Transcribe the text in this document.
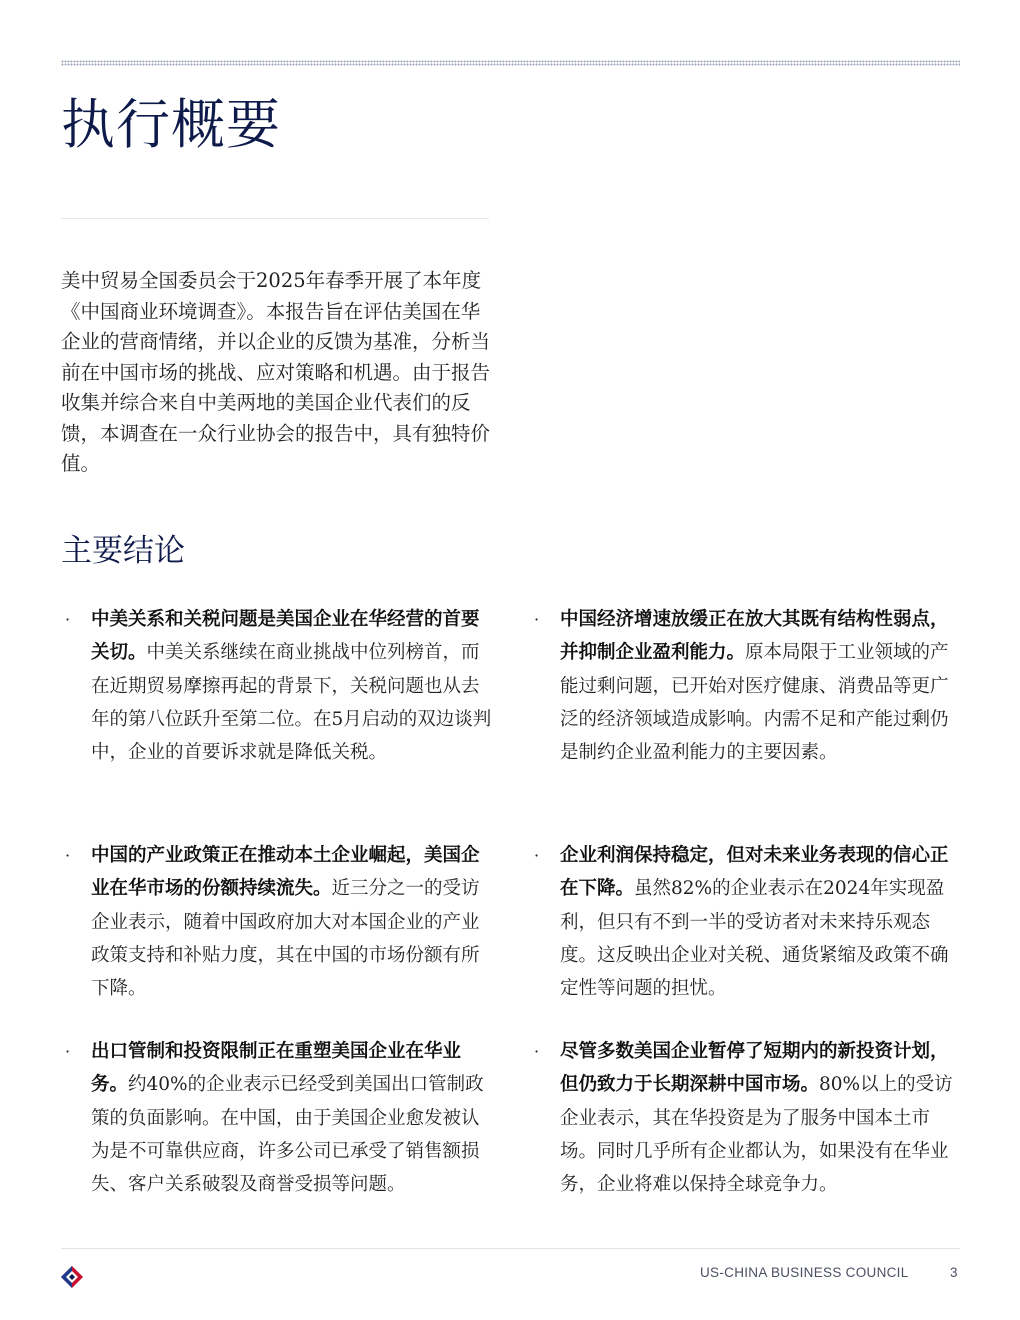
执行概要

美中贸易全国委员会于2025年春季开展了本年度《中国商业环境调查》。本报告旨在评估美国在华企业的营商情绪，并以企业的反馈为基准，分析当前在中国市场的挑战、应对策略和机遇。由于报告收集并综合来自中美两地的美国企业代表们的反馈，本调查在一众行业协会的报告中，具有独特价值。

主要结论
· 中美关系和关税问题是美国企业在华经营的首要关切。中美关系继续在商业挑战中位列榜首，而在近期贸易摩擦再起的背景下，关税问题也从去年的第八位跃升至第二位。在5月启动的双边谈判中，企业的首要诉求就是降低关税。
· 中国的产业政策正在推动本土企业崛起，美国企业在华市场的份额持续流失。近三分之一的受访企业表示，随着中国政府加大对本国企业的产业政策支持和补贴力度，其在中国的市场份额有所下降。
· 出口管制和投资限制正在重塑美国企业在华业务。约40%的企业表示已经受到美国出口管制政策的负面影响。在中国，由于美国企业愈发被认为是不可靠供应商，许多公司已承受了销售额损失、客户关系破裂及商誉受损等问题。
· 中国经济增速放缓正在放大其既有结构性弱点，并抑制企业盈利能力。原本局限于工业领域的产能过剩问题，已开始对医疗健康、消费品等更广泛的经济领域造成影响。内需不足和产能过剩仍是制约企业盈利能力的主要因素。
· 企业利润保持稳定，但对未来业务表现的信心正在下降。虽然82%的企业表示在2024年实现盈利，但只有不到一半的受访者对未来持乐观态度。这反映出企业对关税、通货紧缩及政策不确定性等问题的担忧。
· 尽管多数美国企业暂停了短期内的新投资计划，但仍致力于长期深耕中国市场。80%以上的受访企业表示，其在华投资是为了服务中国本土市场。同时几乎所有企业都认为，如果没有在华业务，企业将难以保持全球竞争力。
US-CHINA BUSINESS COUNCIL	3
